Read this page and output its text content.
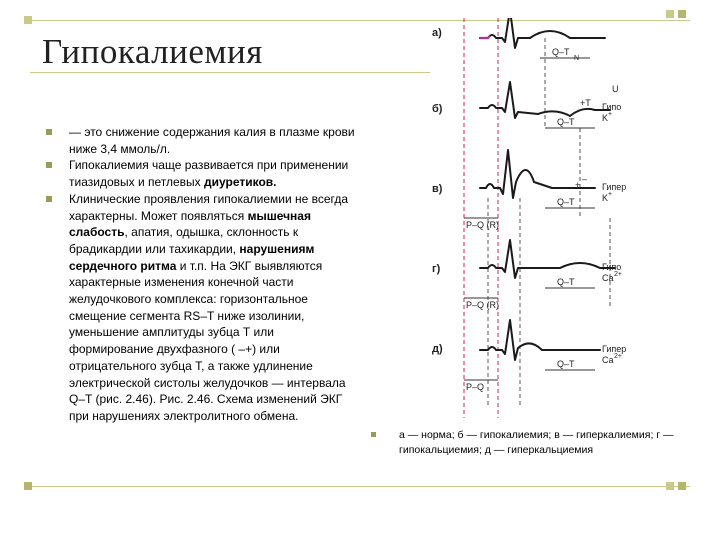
Гипокалиемия
— это снижение содержания калия в плазме крови ниже 3,4 ммоль/л.
Гипокалиемия чаще развивается при применении тиазидовых и петлевых диуретиков.
Клинические проявления гипокалиемии не всегда характерны. Может появляться мышечная слабость, апатия, одышка, склонность к брадикардии или тахикардии, нарушениям сердечного ритма и т.п. На ЭКГ выявляются характерные изменения конечной части желудочкового комплекса: горизонтальное смещение сегмента RS–T ниже изолинии, уменьшение амплитуды зубца Т или формирование двухфазного ( –+) или отрицательного зубца Т, а также удлинение электрической систолы желудочков — интервала Q–T (рис. 2.46). Рис. 2.46. Схема изменений ЭКГ при нарушениях электролитного обмена.
а)
Q–T
N
б)
Q–T
+T
U
Гипо
K +
в)
Q–T
P–Q (R)
+
–
Гипер
K +
г)
Q–T
P–Q (R)
Гипо
Ca 2+
д)
Q–T
P–Q
Гипер
Ca 2+
а — норма; б — гипокалиемия; в — гиперкалиемия; г — гипокальциемия; д — гиперкальциемия
